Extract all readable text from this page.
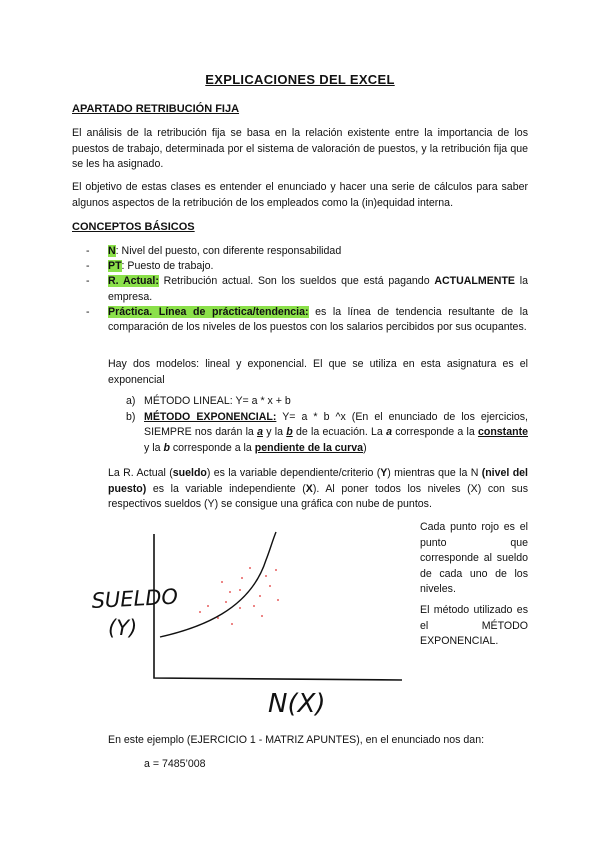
EXPLICACIONES DEL EXCEL
APARTADO RETRIBUCIÓN FIJA
El análisis de la retribución fija se basa en la relación existente entre la importancia de los puestos de trabajo, determinada por el sistema de valoración de puestos, y la retribución fija que se les ha asignado.
El objetivo de estas clases es entender el enunciado y hacer una serie de cálculos para saber algunos aspectos de la retribución de los empleados como la (in)equidad interna.
CONCEPTOS BÁSICOS
- N: Nivel del puesto, con diferente responsabilidad
- PT: Puesto de trabajo.
- R. Actual: Retribución actual. Son los sueldos que está pagando ACTUALMENTE la empresa.
- Práctica. Línea de práctica/tendencia: es la línea de tendencia resultante de la comparación de los niveles de los puestos con los salarios percibidos por sus ocupantes.
Hay dos modelos: lineal y exponencial. El que se utiliza en esta asignatura es el exponencial
a) MÉTODO LINEAL: Y= a * x + b
b) MÉTODO EXPONENCIAL: Y= a * b ^x (En el enunciado de los ejercicios, SIEMPRE nos darán la a y la b de la ecuación. La a corresponde a la constante y la b corresponde a la pendiente de la curva)
La R. Actual (sueldo) es la variable dependiente/criterio (Y) mientras que la N (nivel del puesto) es la variable independiente (X). Al poner todos los niveles (X) con sus respectivos sueldos (Y) se consigue una gráfica con nube de puntos.
Cada punto rojo es el punto que corresponde al sueldo de cada uno de los niveles.
El método utilizado es el MÉTODO EXPONENCIAL.
SUELDO
(Y)
N(X)
En este ejemplo (EJERCICIO 1 - MATRIZ APUNTES), en el enunciado nos dan:
a = 7485’008
